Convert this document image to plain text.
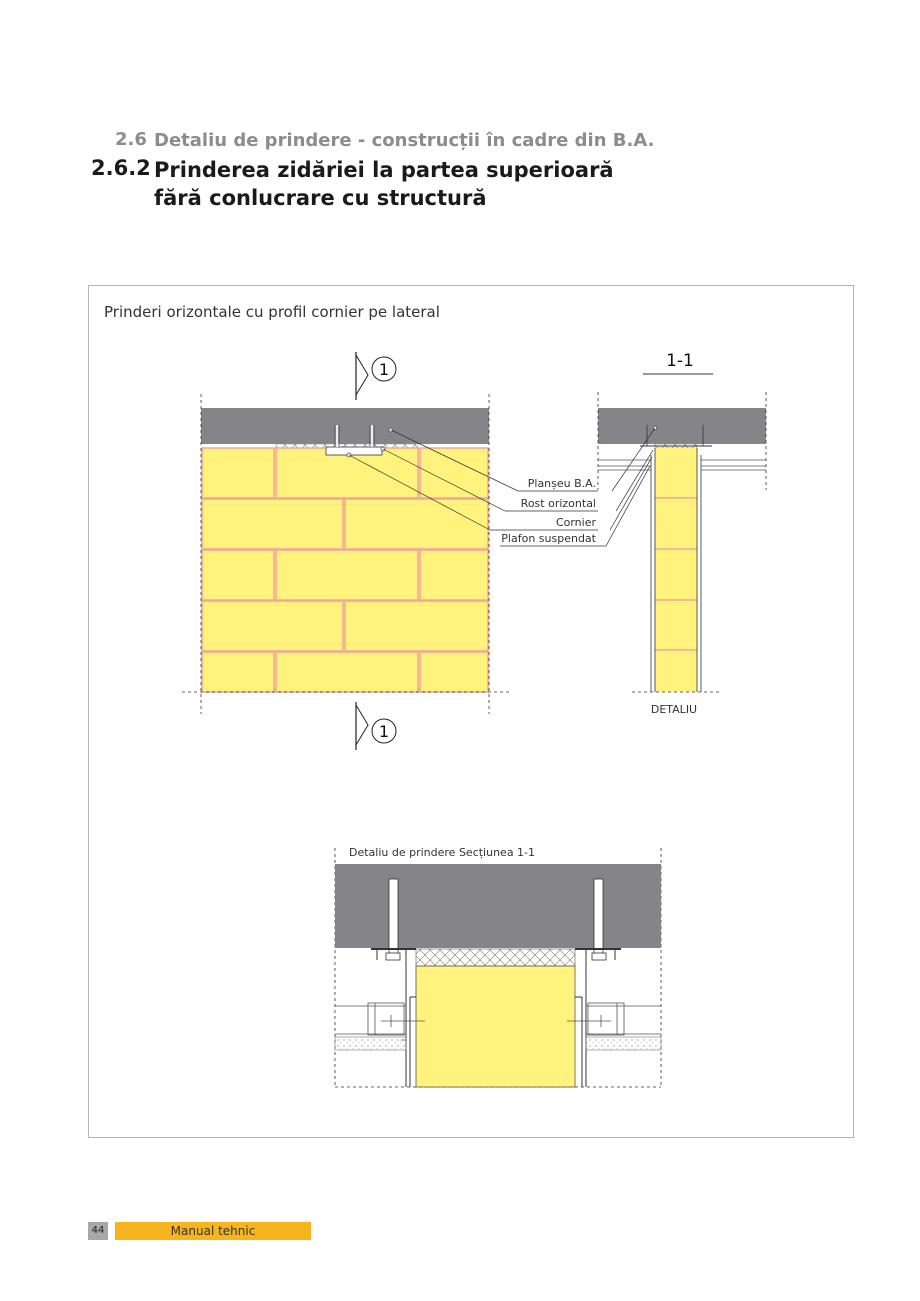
2.6 Detaliu de prindere - construcții în cadre din B.A.
2.6.2 Prinderea zidăriei la partea superioară
fără conlucrare cu structură
Prinderi orizontale cu profil cornier pe lateral
1
1
Planșeu B.A.
Rost orizontal
Cornier
Plafon suspendat
1-1
DETALIU
Detaliu de prindere Secțiunea 1-1
44	Manual tehnic
